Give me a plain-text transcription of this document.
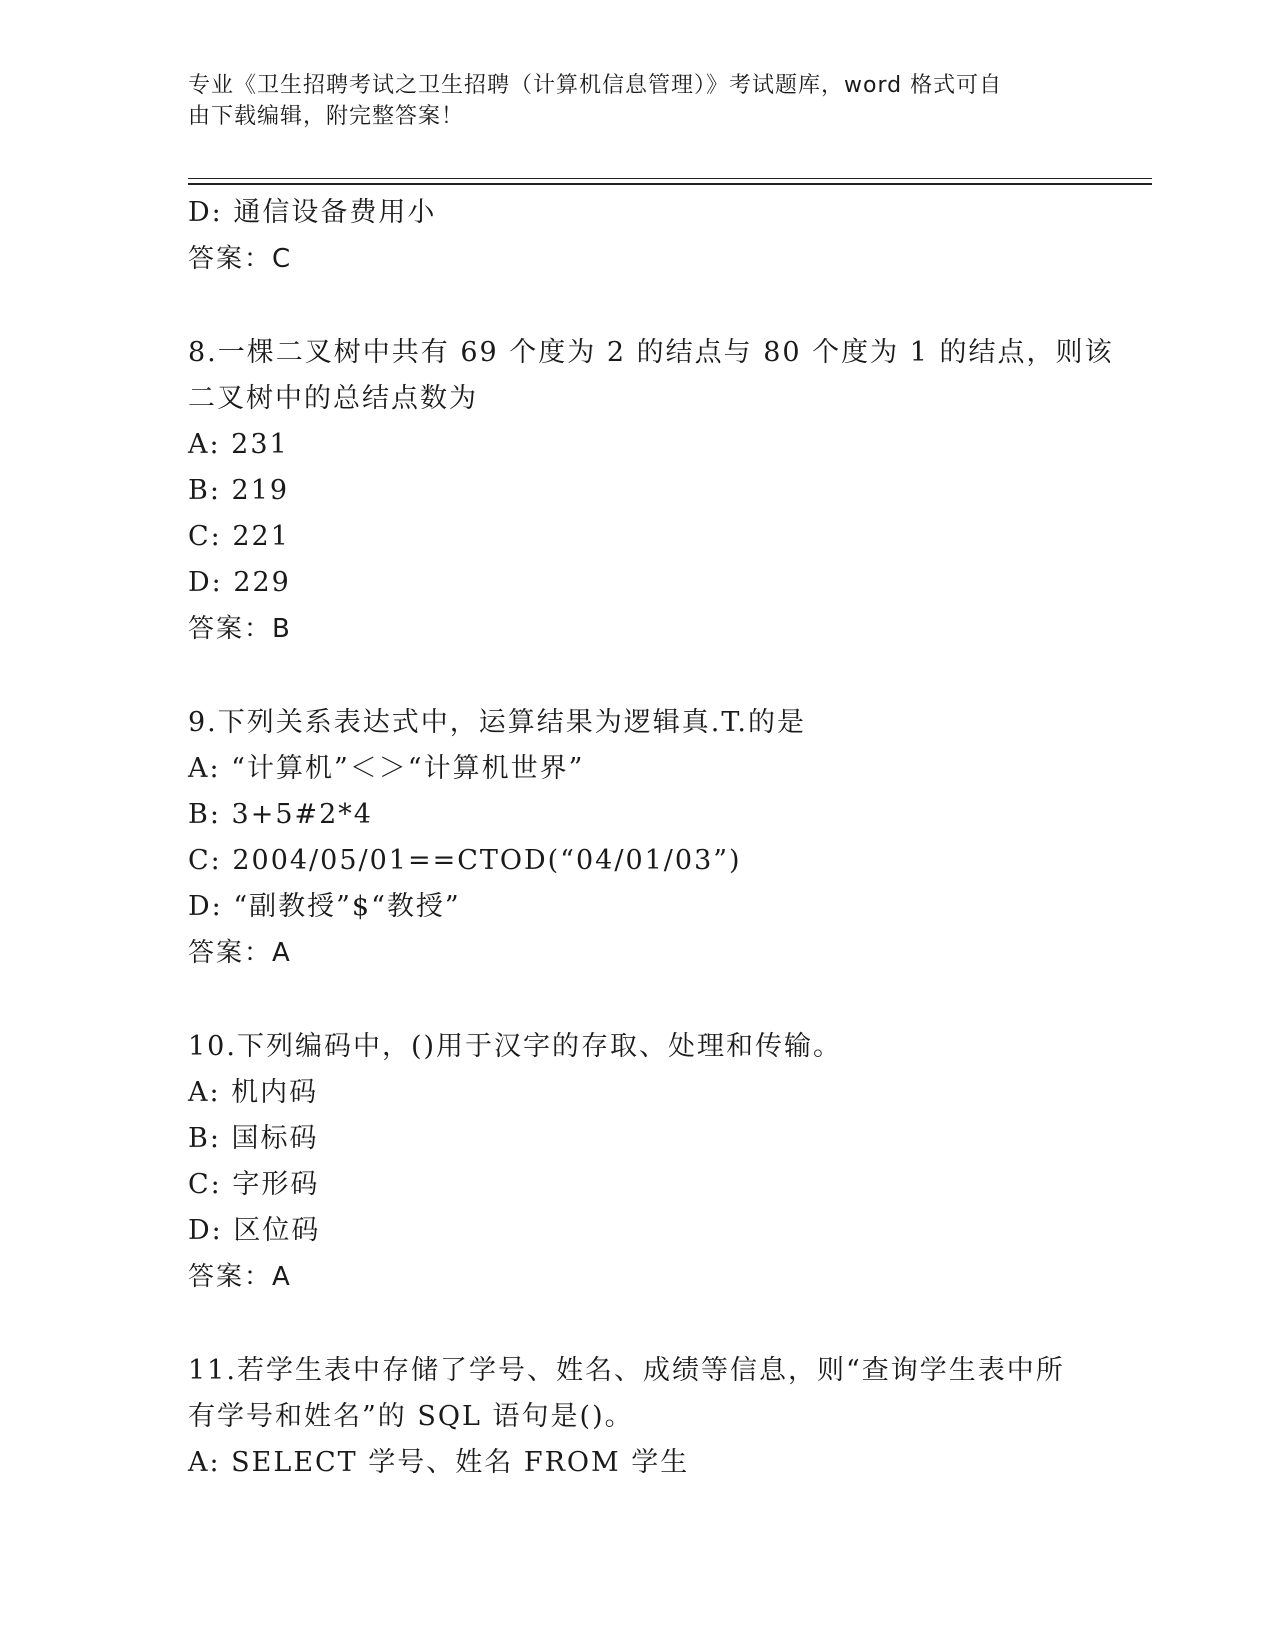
专业《卫生招聘考试之卫生招聘（计算机信息管理）》考试题库，word 格式可自
由下载编辑，附完整答案！
D: 通信设备费用小
答案：C
8.一棵二叉树中共有 69 个度为 2 的结点与 80 个度为 1 的结点，则该
二叉树中的总结点数为
A: 231
B: 219
C: 221
D: 229
答案：B
9.下列关系表达式中，运算结果为逻辑真.T.的是
A: “计算机”＜＞“计算机世界”
B: 3+5#2*4
C: 2004/05/01==CTOD(“04/01/03”)
D: “副教授”$“教授”
答案：A
10.下列编码中，()用于汉字的存取、处理和传输。
A: 机内码
B: 国标码
C: 字形码
D: 区位码
答案：A
11.若学生表中存储了学号、姓名、成绩等信息，则“查询学生表中所
有学号和姓名”的 SQL 语句是()。
A: SELECT 学号、姓名 FROM 学生
